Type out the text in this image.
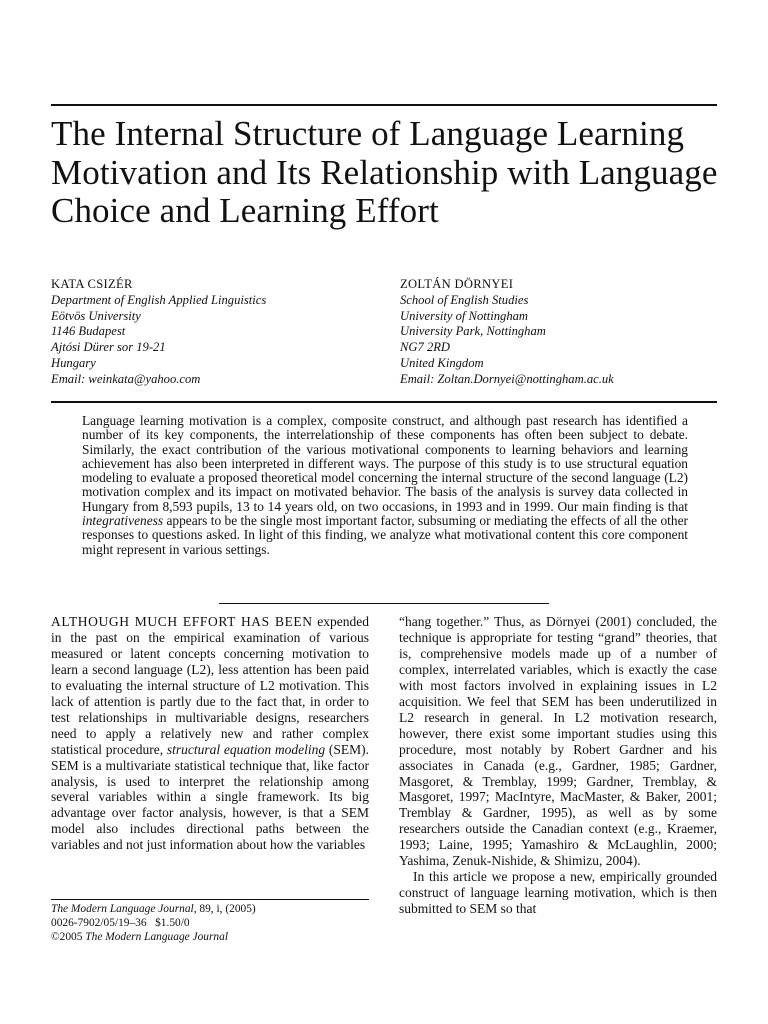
The Internal Structure of Language Learning Motivation and Its Relationship with Language Choice and Learning Effort
KATA CSIZÉR
Department of English Applied Linguistics
Eötvös University
1146 Budapest
Ajtósi Dürer sor 19-21
Hungary
Email: weinkata@yahoo.com
ZOLTÁN DÖRNYEI
School of English Studies
University of Nottingham
University Park, Nottingham
NG7 2RD
United Kingdom
Email: Zoltan.Dornyei@nottingham.ac.uk

Language learning motivation is a complex, composite construct, and although past research has identified a number of its key components, the interrelationship of these components has often been subject to debate. Similarly, the exact contribution of the various motivational components to learning behaviors and learning achievement has also been interpreted in different ways. The purpose of this study is to use structural equation modeling to evaluate a proposed theoretical model concerning the internal structure of the second language (L2) motivation complex and its impact on motivated behavior. The basis of the analysis is survey data collected in Hungary from 8,593 pupils, 13 to 14 years old, on two occasions, in 1993 and in 1999. Our main finding is that integrativeness appears to be the single most important factor, subsuming or mediating the effects of all the other responses to questions asked. In light of this finding, we analyze what motivational content this core component might represent in various settings.

ALTHOUGH MUCH EFFORT HAS BEEN expended in the past on the empirical examination of various measured or latent concepts concerning motivation to learn a second language (L2), less attention has been paid to evaluating the internal structure of L2 motivation. This lack of attention is partly due to the fact that, in order to test relationships in multivariable designs, researchers need to apply a relatively new and rather complex statistical procedure, structural equation modeling (SEM). SEM is a multivariate statistical technique that, like factor analysis, is used to interpret the relationship among several variables within a single framework. Its big advantage over factor analysis, however, is that a SEM model also includes directional paths between the variables and not just information about how the variables

“hang together.” Thus, as Dörnyei (2001) concluded, the technique is appropriate for testing “grand” theories, that is, comprehensive models made up of a number of complex, interrelated variables, which is exactly the case with most factors involved in explaining issues in L2 acquisition. We feel that SEM has been underutilized in L2 research in general. In L2 motivation research, however, there exist some important studies using this procedure, most notably by Robert Gardner and his associates in Canada (e.g., Gardner, 1985; Gardner, Masgoret, & Tremblay, 1999; Gardner, Tremblay, & Masgoret, 1997; MacIntyre, MacMaster, & Baker, 2001; Tremblay & Gardner, 1995), as well as by some researchers outside the Canadian context (e.g., Kraemer, 1993; Laine, 1995; Yamashiro & McLaughlin, 2000; Yashima, Zenuk-Nishide, & Shimizu, 2004).

In this article we propose a new, empirically grounded construct of language learning motivation, which is then submitted to SEM so that

The Modern Language Journal, 89, i, (2005)
0026-7902/05/19–36   $1.50/0
©2005 The Modern Language Journal
